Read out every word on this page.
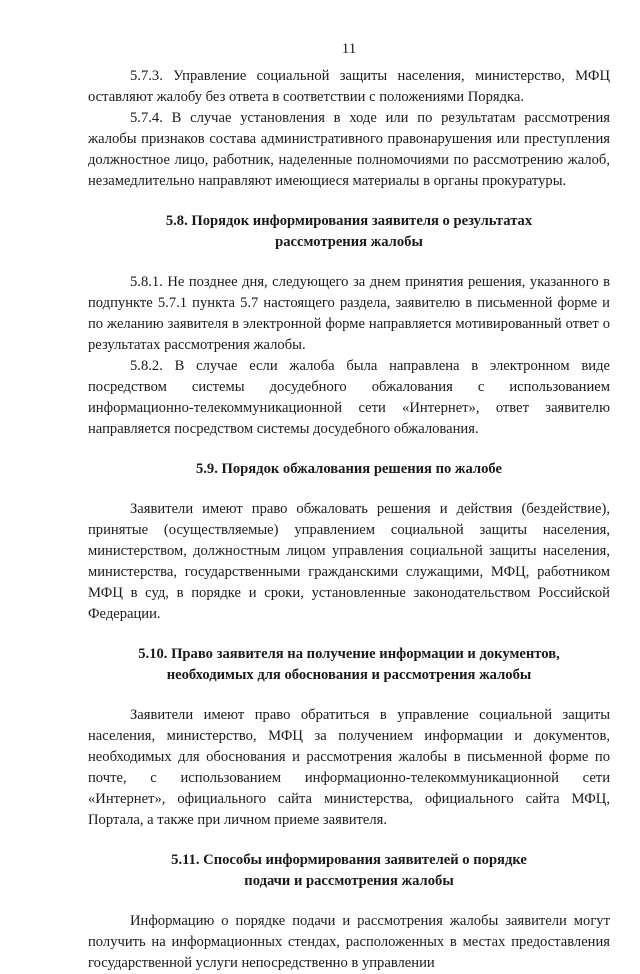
11

5.7.3. Управление социальной защиты населения, министерство, МФЦ оставляют жалобу без ответа в соответствии с положениями Порядка.

5.7.4. В случае установления в ходе или по результатам рассмотрения жалобы признаков состава административного правонарушения или преступления должностное лицо, работник, наделенные полномочиями по рассмотрению жалоб, незамедлительно направляют имеющиеся материалы в органы прокуратуры.

5.8. Порядок информирования заявителя о результатах
рассмотрения жалобы

5.8.1. Не позднее дня, следующего за днем принятия решения, указанного в подпункте 5.7.1 пункта 5.7 настоящего раздела, заявителю в письменной форме и по желанию заявителя в электронной форме направляется мотивированный ответ о результатах рассмотрения жалобы.

5.8.2. В случае если жалоба была направлена в электронном виде посредством системы досудебного обжалования с использованием информационно-телекоммуникационной сети «Интернет», ответ заявителю направляется посредством системы досудебного обжалования.

5.9. Порядок обжалования решения по жалобе

Заявители имеют право обжаловать решения и действия (бездействие), принятые (осуществляемые) управлением социальной защиты населения, министерством, должностным лицом управления социальной защиты населения, министерства, государственными гражданскими служащими, МФЦ, работником МФЦ в суд, в порядке и сроки, установленные законодательством Российской Федерации.

5.10. Право заявителя на получение информации и документов,
необходимых для обоснования и рассмотрения жалобы

Заявители имеют право обратиться в управление социальной защиты населения, министерство, МФЦ за получением информации и документов, необходимых для обоснования и рассмотрения жалобы в письменной форме по почте, с использованием информационно-телекоммуникационной сети «Интернет», официального сайта министерства, официального сайта МФЦ, Портала, а также при личном приеме заявителя.

5.11. Способы информирования заявителей о порядке
подачи и рассмотрения жалобы

Информацию о порядке подачи и рассмотрения жалобы заявители могут получить на информационных стендах, расположенных в местах предоставления государственной услуги непосредственно в управлении
